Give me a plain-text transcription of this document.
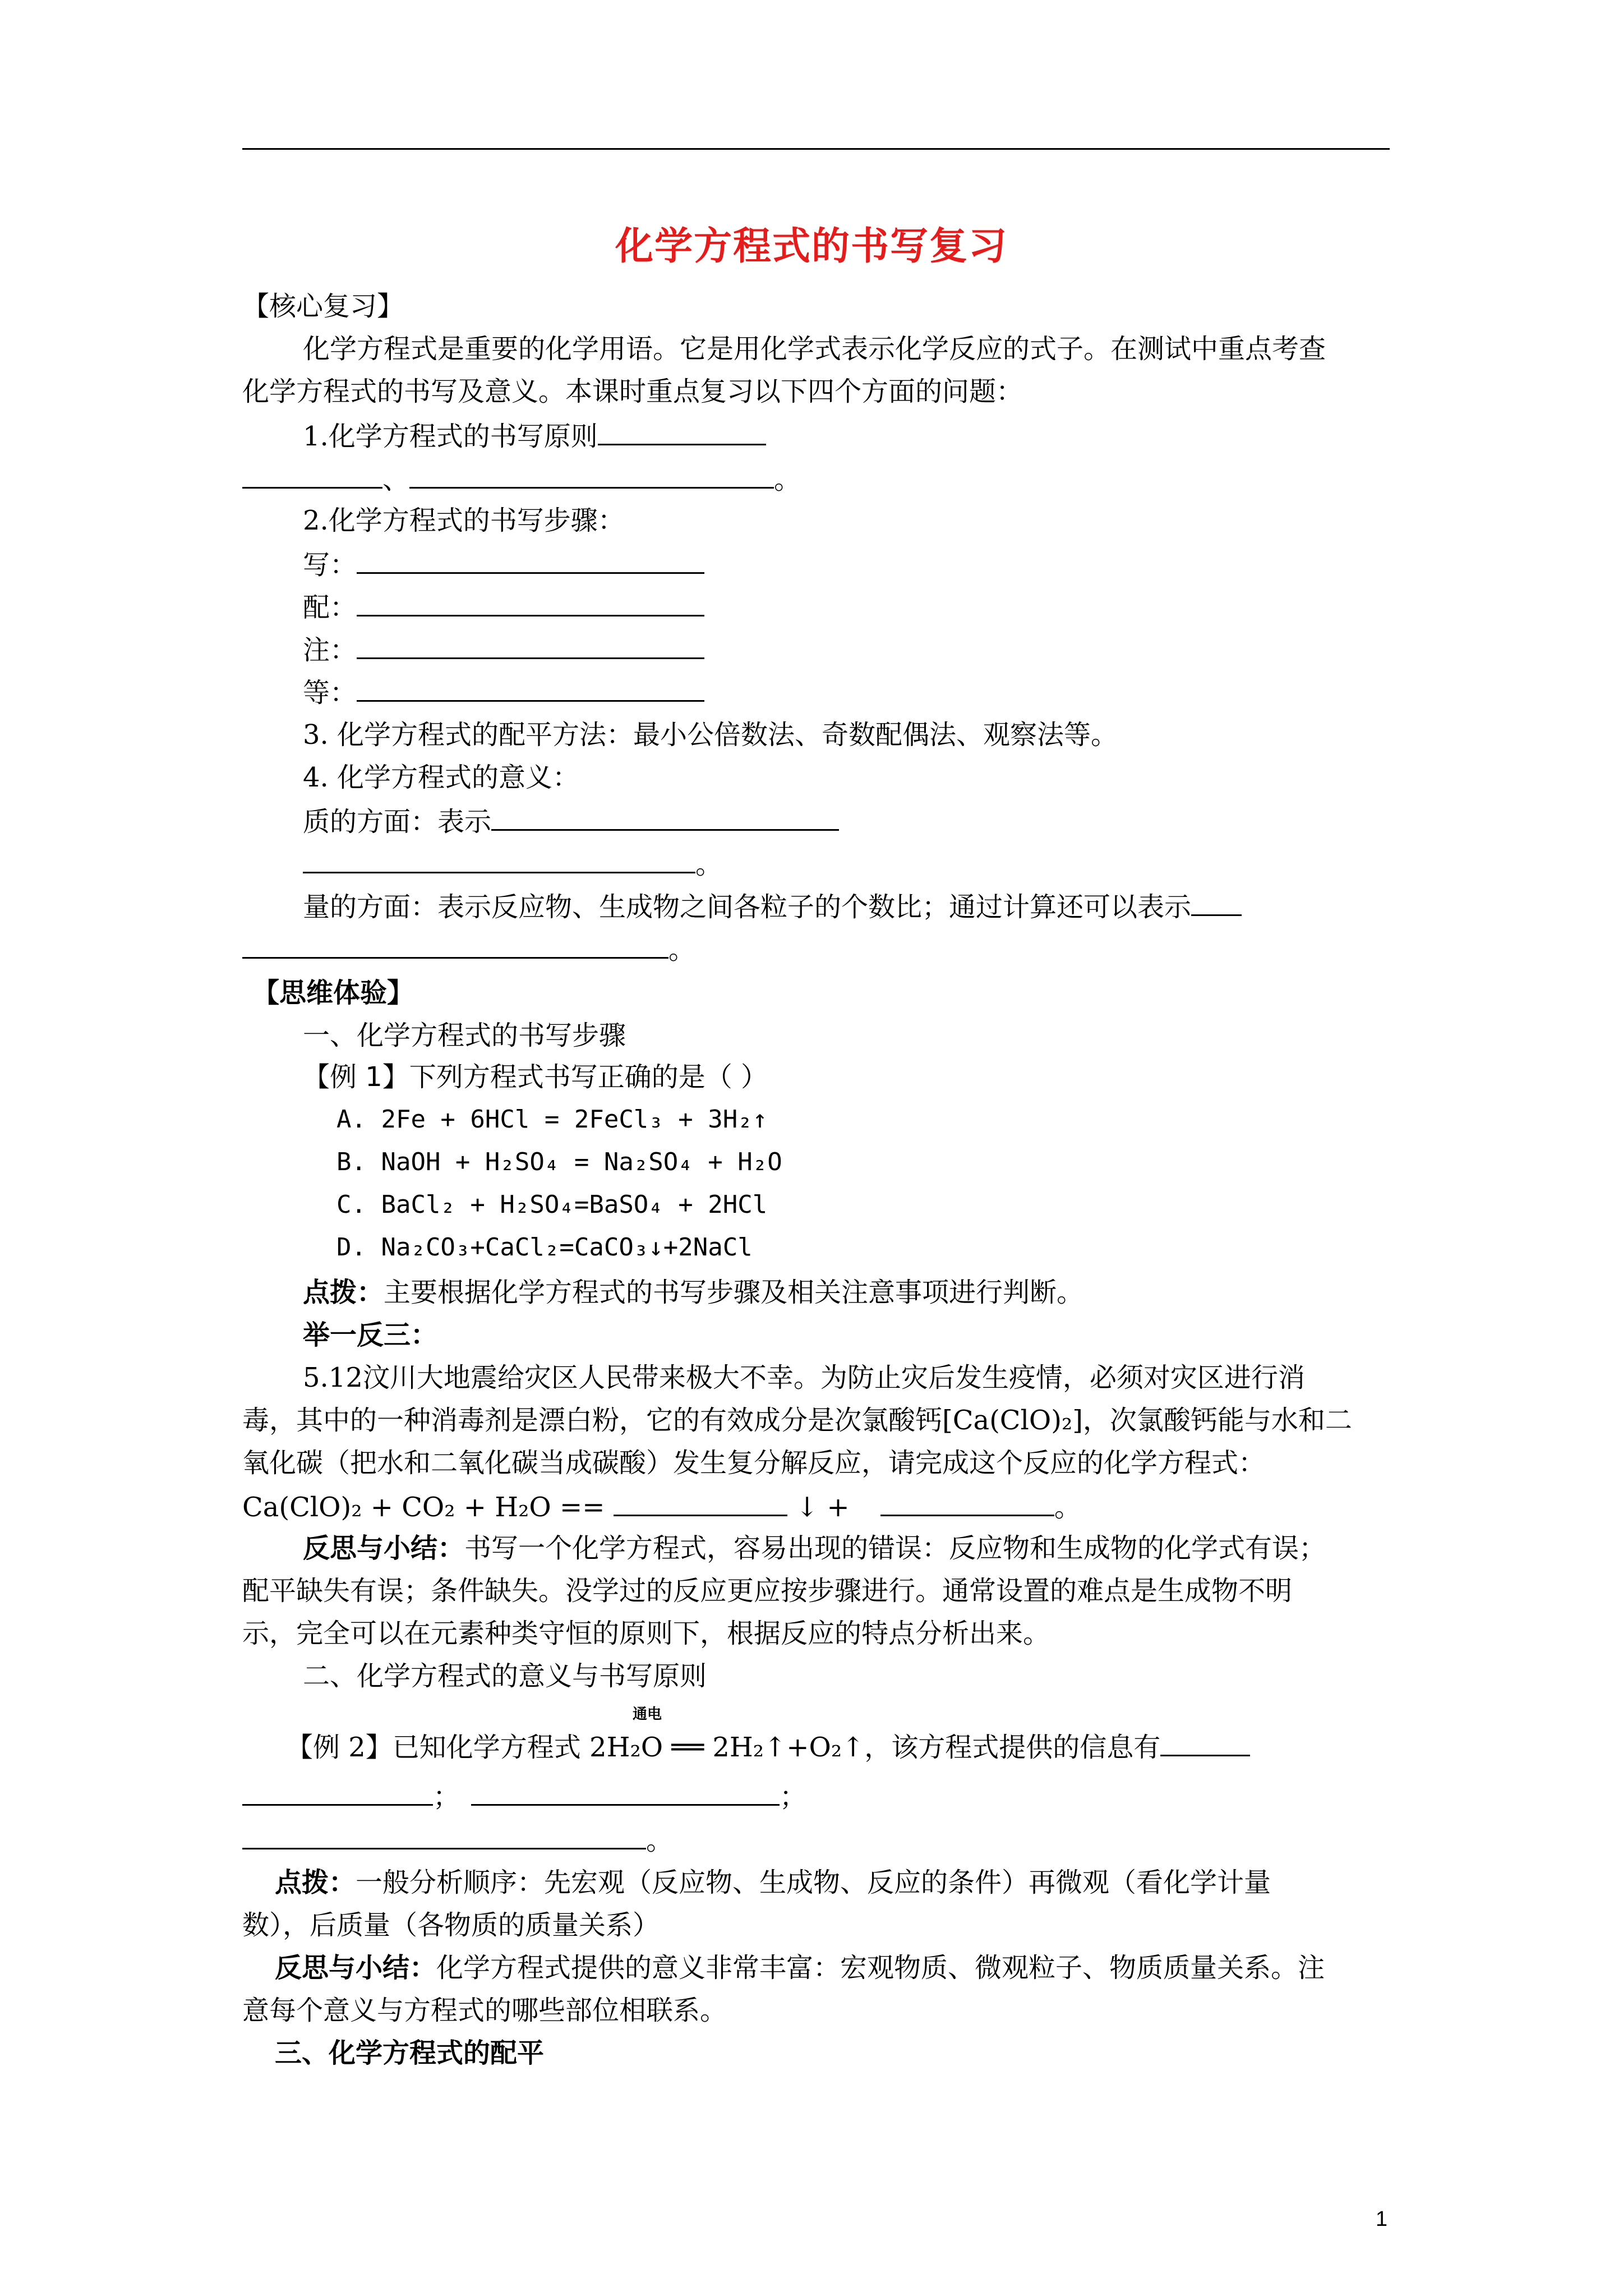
化学方程式的书写复习
【核心复习】
化学方程式是重要的化学用语。它是用化学式表示化学反应的式子。在测试中重点考查
化学方程式的书写及意义。本课时重点复习以下四个方面的问题：
1.化学方程式的书写原则
、	。
2.化学方程式的书写步骤：
写：
配：
注：
等：
3. 化学方程式的配平方法：最小公倍数法、奇数配偶法、观察法等。
4. 化学方程式的意义：
质的方面：表示
。
量的方面：表示反应物、生成物之间各粒子的个数比；通过计算还可以表示
。
【思维体验】
一、化学方程式的书写步骤
【例 1】下列方程式书写正确的是（ ）
A. 2Fe + 6HCl = 2FeCl₃ + 3H₂↑
B. NaOH + H₂SO₄ = Na₂SO₄ + H₂O
C. BaCl₂ + H₂SO₄=BaSO₄ + 2HCl
D. Na₂CO₃+CaCl₂=CaCO₃↓+2NaCl
点拨：主要根据化学方程式的书写步骤及相关注意事项进行判断。
举一反三：
5.12汶川大地震给灾区人民带来极大不幸。为防止灾后发生疫情，必须对灾区进行消
毒，其中的一种消毒剂是漂白粉，它的有效成分是次氯酸钙[Ca(ClO)₂]，次氯酸钙能与水和二
氧化碳（把水和二氧化碳当成碳酸）发生复分解反应，请完成这个反应的化学方程式：
Ca(ClO)₂ + CO₂ + H₂O ==	↓ +	。
反思与小结：书写一个化学方程式，容易出现的错误：反应物和生成物的化学式有误；
配平缺失有误；条件缺失。没学过的反应更应按步骤进行。通常设置的难点是生成物不明
示，完全可以在元素种类守恒的原则下，根据反应的特点分析出来。
二、化学方程式的意义与书写原则
通电
【例 2】已知化学方程式 2H₂O ══ 2H₂↑+O₂↑，该方程式提供的信息有
；	；
。
点拨：一般分析顺序：先宏观（反应物、生成物、反应的条件）再微观（看化学计量
数），后质量（各物质的质量关系）
反思与小结：化学方程式提供的意义非常丰富：宏观物质、微观粒子、物质质量关系。注
意每个意义与方程式的哪些部位相联系。
三、化学方程式的配平
1
